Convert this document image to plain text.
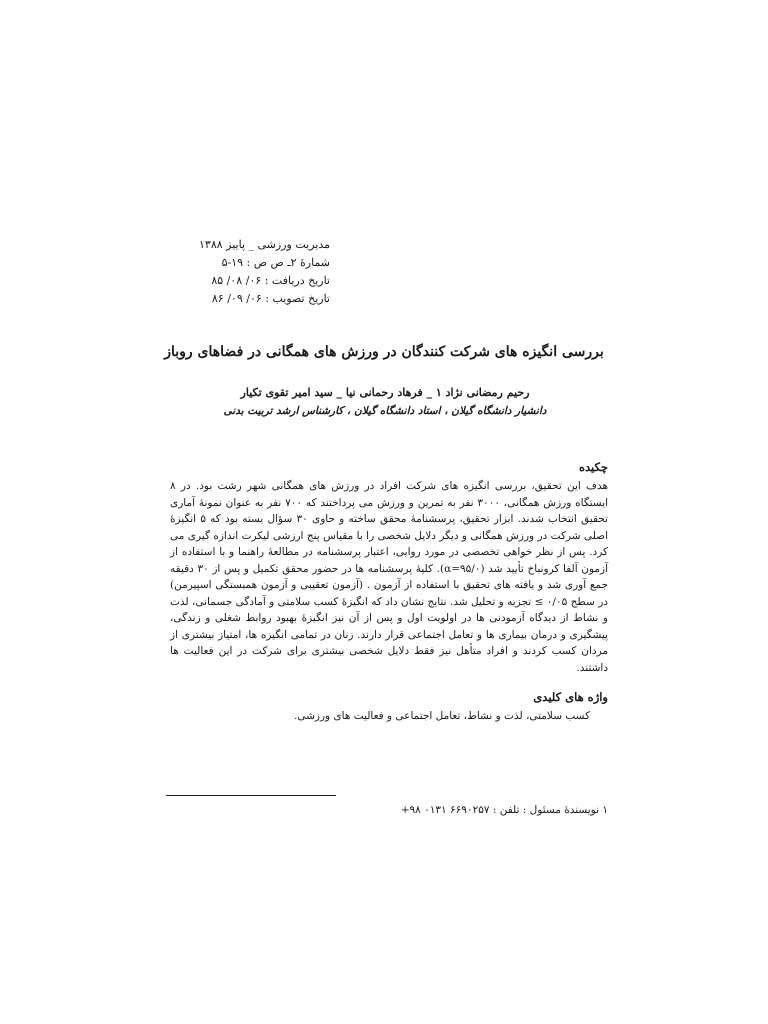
مدیریت ورزشی _ پاییز ۱۳۸۸
شمارۀ ۲ـ ص ص : ۱۹-۵
تاریخ دریافت : ۰۶/ ۰۸/ ۸۵
تاریخ تصویب : ۰۶/ ۰۹/ ۸۶
بررسی انگیزه های شرکت کنندگان در ورزش های همگانی در فضاهای روباز
رحیم رمضانی نژاد ۱ _ فرهاد رحمانی نیا _ سید امیر تقوی تکیار
دانشیار دانشگاه گیلان ، استاد دانشگاه گیلان ، کارشناس ارشد تربیت بدنی
چکیده
هدف این تحقیق، بررسی انگیزه های شرکت افراد در ورزش های همگانی شهر رشت بود. در ۸ ایستگاه ورزش همگانی، ۳۰۰۰ نفر به تمرین و ورزش می پرداختند که ۷۰۰ نفر به عنوان نمونۀ آماری تحقیق انتخاب شدند. ابزار تحقیق، پرسشنامۀ محقق ساخته و حاوی ۳۰ سؤال بسته بود که ۵ انگیزۀ اصلی شرکت در ورزش همگانی و دیگر دلایل شخصی را با مقیاس پنج ارزشی لیکرت اندازه گیری می کرد. پس از نظر خواهی تخصصی در مورد روایی، اعتبار پرسشنامه در مطالعۀ راهنما و با استفاده از آزمون آلفا کرونباخ تأیید شد (۹۵/۰=α). کلیۀ پرسشنامه ها در حضور محقق تکمیل و پس از ۳۰ دقیقه جمع آوری شد و یافته های تحقیق با استفاده از آزمون . (آزمون تعقیبی و آزمون همبستگی اسپیرمن) در سطح ۰/۰۵ ≥ تجزیه و تحلیل شد. نتایج نشان داد که انگیزۀ کسب سلامتی و آمادگی جسمانی، لذت و نشاط از دیدگاه آزمودنی ها در اولویت اول و پس از آن نیز انگیزۀ بهبود روابط شغلی و زندگی، پیشگیری و درمان بیماری ها و تعامل اجتماعی قرار دارند. زنان در تمامی انگیزه ها، امتیاز بیشتری از مردان کسب کردند و افراد متأهل نیز فقط دلایل شخصی بیشتری برای شرکت در این فعالیت ها داشتند.
واژه های کلیدی
کسب سلامتی، لذت و نشاط، تعامل اجتماعی و فعالیت های ورزشی.
۱ نویسندۀ مسئول : تلفن : ۶۶۹۰۲۵۷ ۰۱۳۱ ۹۸+
